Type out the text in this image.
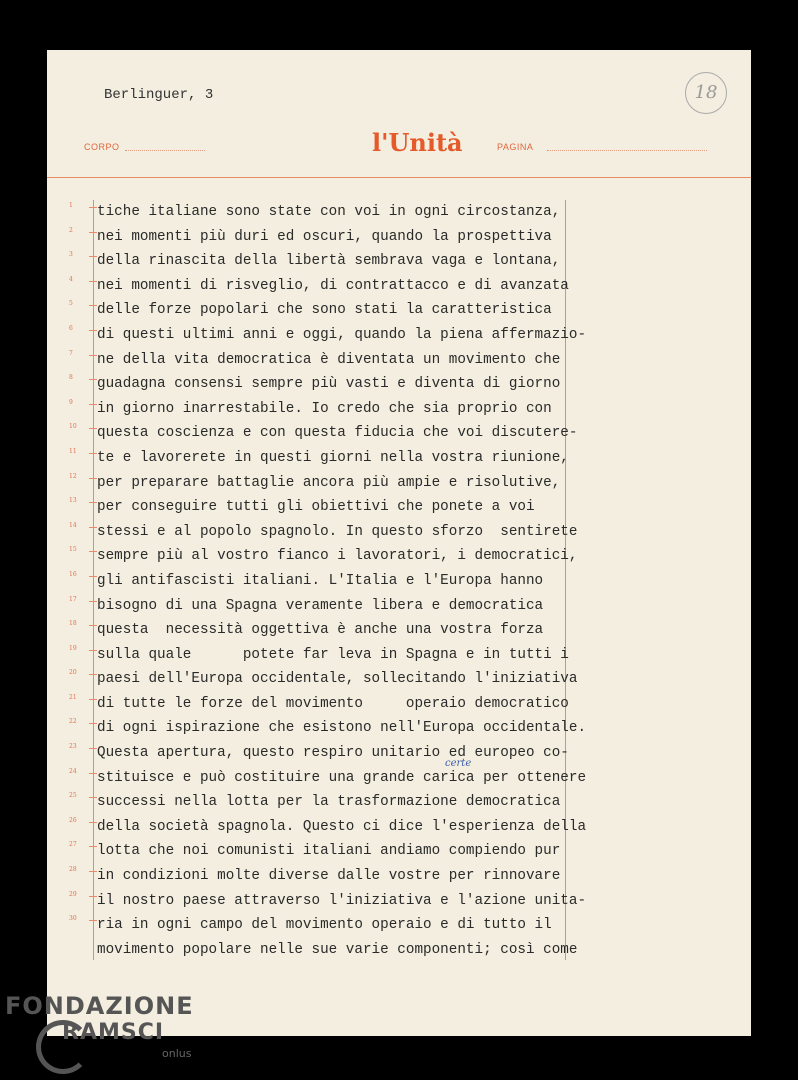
Berlinguer, 3	18
CORPO	l'Unità	PAGINA
1
2
3
4
5
6
7
8
9
10
11
12
13
14
15
16
17
18
19
20
21
22
23
24
25
26
27
28
29
30
tiche italiane sono state con voi in ogni circostanza,
nei momenti più duri ed oscuri, quando la prospettiva
della rinascita della libertà sembrava vaga e lontana,
nei momenti di risveglio, di contrattacco e di avanzata
delle forze popolari che sono stati la caratteristica
di questi ultimi anni e oggi, quando la piena affermazio-
ne della vita democratica è diventata un movimento che
guadagna consensi sempre più vasti e diventa di giorno
in giorno inarrestabile. Io credo che sia proprio con
questa coscienza e con questa fiducia che voi discutere-
te e lavorerete in questi giorni nella vostra riunione,
per preparare battaglie ancora più ampie e risolutive,
per conseguire tutti gli obiettivi che ponete a voi
stessi e al popolo spagnolo. In questo sforzo  sentirete
sempre più al vostro fianco i lavoratori, i democratici,
gli antifascisti italiani. L'Italia e l'Europa hanno
bisogno di una Spagna veramente libera e democratica
questa  necessità oggettiva è anche una vostra forza
sulla quale      potete far leva in Spagna e in tutti i
paesi dell'Europa occidentale, sollecitando l'iniziativa
di tutte le forze del movimento     operaio democratico
di ogni ispirazione che esistono nell'Europa occidentale.
Questa apertura, questo respiro unitario ed europeo co-
stituisce e può costituire una grande carica per ottenere
successi nella lotta per la trasformazione democratica
della società spagnola. Questo ci dice l'esperienza della
lotta che noi comunisti italiani andiamo compiendo pur
in condizioni molte diverse dalle vostre per rinnovare
il nostro paese attraverso l'iniziativa e l'azione unita-
ria in ogni campo del movimento operaio e di tutto il
movimento popolare nelle sue varie componenti; così come
certe
FONDAZIONE
RAMSCI
onlus
